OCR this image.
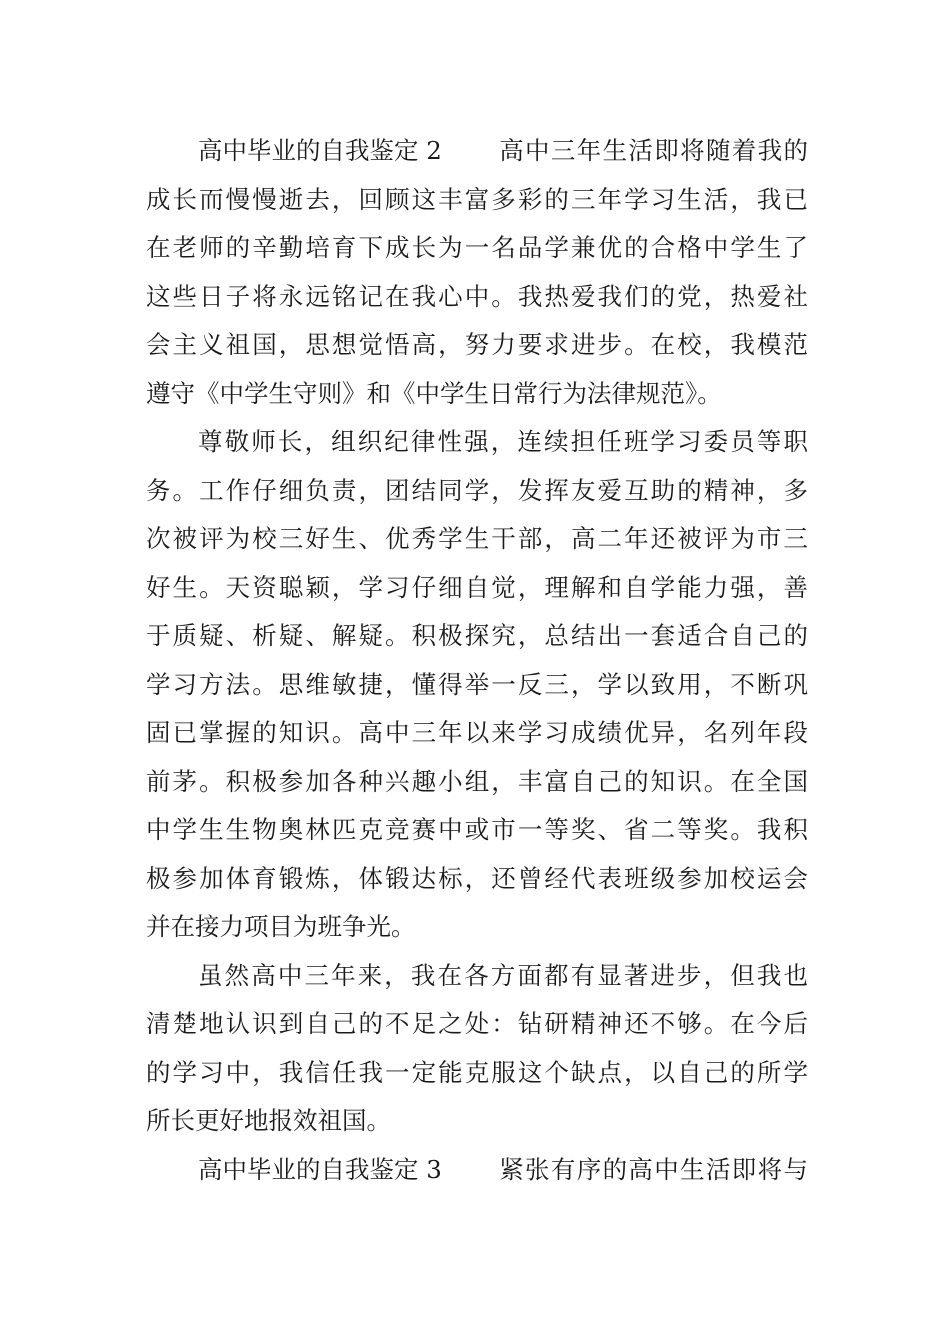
高中毕业的自我鉴定 2 高中三年生活即将随着我的
成长而慢慢逝去，回顾这丰富多彩的三年学习生活，我已
在老师的辛勤培育下成长为一名品学兼优的合格中学生了
这些日子将永远铭记在我心中。我热爱我们的党，热爱社
会主义祖国，思想觉悟高，努力要求进步。在校，我模范
遵守《中学生守则》和《中学生日常行为法律规范》。
尊敬师长，组织纪律性强，连续担任班学习委员等职
务。工作仔细负责，团结同学，发挥友爱互助的精神，多
次被评为校三好生、优秀学生干部，高二年还被评为市三
好生。天资聪颖，学习仔细自觉，理解和自学能力强，善
于质疑、析疑、解疑。积极探究，总结出一套适合自己的
学习方法。思维敏捷，懂得举一反三，学以致用，不断巩
固已掌握的知识。高中三年以来学习成绩优异，名列年段
前茅。积极参加各种兴趣小组，丰富自己的知识。在全国
中学生生物奥林匹克竞赛中或市一等奖、省二等奖。我积
极参加体育锻炼，体锻达标，还曾经代表班级参加校运会
并在接力项目为班争光。
虽然高中三年来，我在各方面都有显著进步，但我也
清楚地认识到自己的不足之处：钻研精神还不够。在今后
的学习中，我信任我一定能克服这个缺点，以自己的所学
所长更好地报效祖国。
高中毕业的自我鉴定 3 紧张有序的高中生活即将与
